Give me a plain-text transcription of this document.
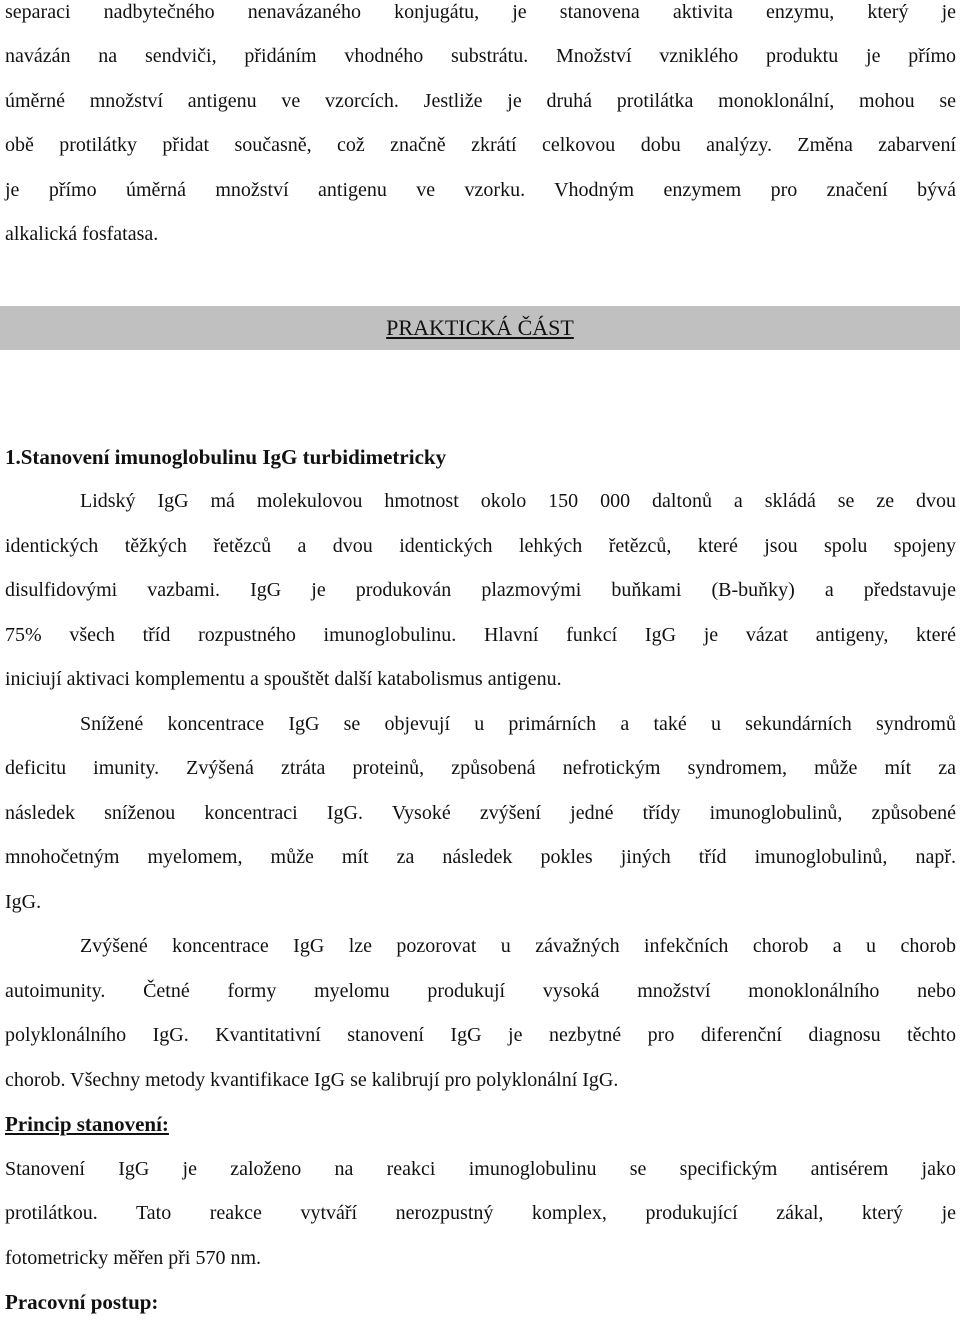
separaci nadbytečného nenavázaného konjugátu, je stanovena aktivita enzymu, který je
navázán na sendviči, přidáním vhodného substrátu. Množství vzniklého produktu je přímo
úměrné množství antigenu ve vzorcích. Jestliže je druhá protilátka monoklonální, mohou se
obě protilátky přidat současně, což značně zkrátí celkovou dobu analýzy. Změna zabarvení
je přímo úměrná množství antigenu ve vzorku. Vhodným enzymem pro značení bývá
alkalická fosfatasa.
PRAKTICKÁ ČÁST
1.Stanovení imunoglobulinu IgG turbidimetricky
Lidský IgG má molekulovou hmotnost okolo 150 000 daltonů a skládá se ze dvou
identických těžkých řetězců a dvou identických lehkých řetězců, které jsou spolu spojeny
disulfidovými vazbami. IgG je produkován plazmovými buňkami (B-buňky) a představuje
75% všech tříd rozpustného imunoglobulinu. Hlavní funkcí IgG je vázat antigeny, které
iniciují aktivaci komplementu a spouštět další katabolismus antigenu.
Snížené koncentrace IgG se objevují u primárních a také u sekundárních syndromů
deficitu imunity. Zvýšená ztráta proteinů, způsobená nefrotickým syndromem, může mít za
následek sníženou koncentraci IgG. Vysoké zvýšení jedné třídy imunoglobulinů, způsobené
mnohočetným myelomem, může mít za následek pokles jiných tříd imunoglobulinů, např.
IgG.
Zvýšené koncentrace IgG lze pozorovat u závažných infekčních chorob a u chorob
autoimunity. Četné formy myelomu produkují vysoká množství monoklonálního nebo
polyklonálního IgG. Kvantitativní stanovení IgG je nezbytné pro diferenční diagnosu těchto
chorob. Všechny metody kvantifikace IgG se kalibrují pro polyklonální IgG.
Princip stanovení:
Stanovení IgG je založeno na reakci imunoglobulinu se specifickým antisérem jako
protilátkou. Tato reakce vytváří nerozpustný komplex, produkující zákal, který je
fotometricky měřen při 570 nm.
Pracovní postup:
